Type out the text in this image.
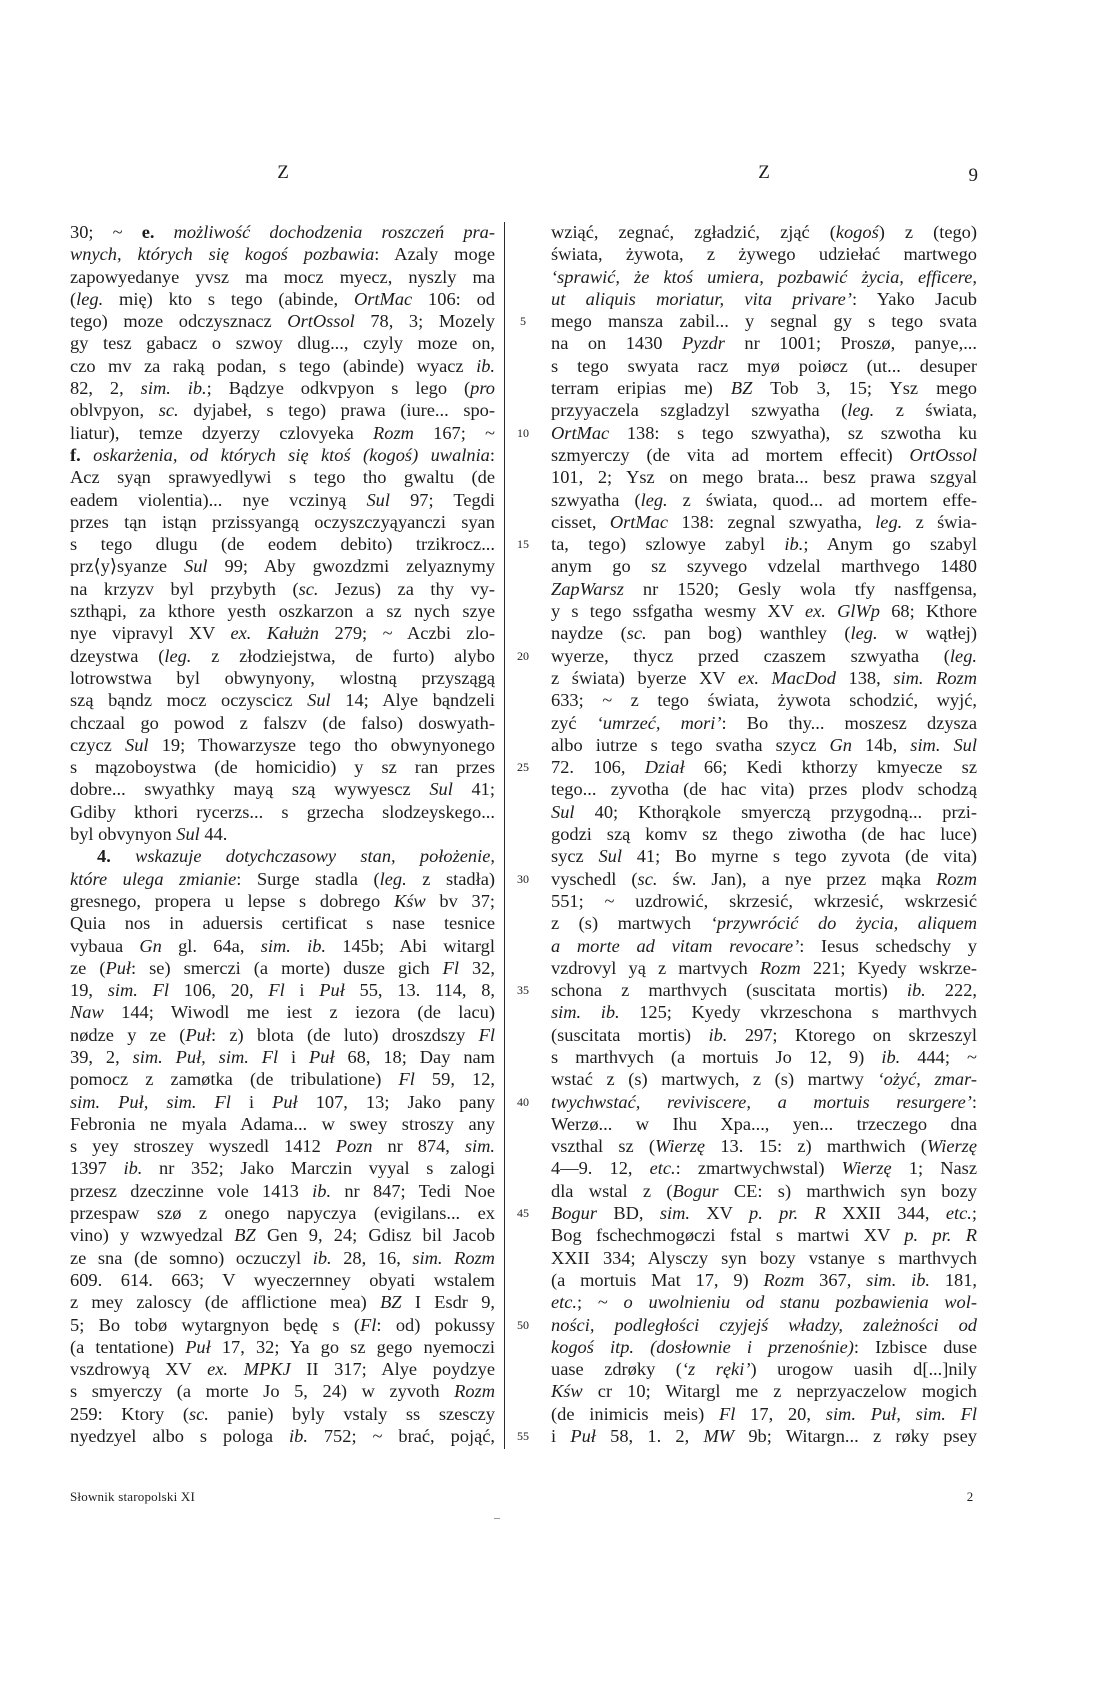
Z	Z	9
30; ~ e. możliwość dochodzenia roszczeń pra-
wnych, których się kogoś pozbawia: Azaly moge
zapowyedanye yvsz ma mocz myecz, nyszly ma
(leg. mię) kto s tego (abinde, OrtMac 106: od
tego) moze odczysznacz OrtOssol 78, 3; Mozely
gy tesz gabacz o szwoy dlug..., czyly moze on,
czo mv za raką podan, s tego (abinde) wyacz ib.
82, 2, sim. ib.; Bądzye odkvpyon s lego (pro
oblvpyon, sc. dyjabeł, s tego) prawa (iure... spo-
liatur), temze dzyerzy czlovyeka Rozm 167; ~
f. oskarżenia, od których się ktoś (kogoś) uwalnia:
Acz syąn sprawyedlywi s tego tho gwaltu (de
eadem violentia)... nye vczinyą Sul 97; Tegdi
przes tąn istąn przissyangą oczyszczyąyanczi syan
s tego dlugu (de eodem debito) trzikrocz...
prz⟨y⟩syanze Sul 99; Aby gwozdzmi zelyaznymy
na krzyzv byl przybyth (sc. Jezus) za thy vy-
szthąpi, za kthore yesth oszkarzon a sz nych szye
nye vipravyl XV ex. Kałużn 279; ~ Aczbi zlo-
dzeystwa (leg. z złodziejstwa, de furto) alybo
lotrowstwa byl obwynyony, wlostną przyszągą
szą bąndz mocz oczyscicz Sul 14; Alye bąndzeli
chczaal go powod z falszv (de falso) doswyath-
czycz Sul 19; Thowarzysze tego tho obwynyonego
s mązoboystwa (de homicidio) y sz ran przes
dobre... swyathky mayą szą wywyescz Sul 41;
Gdiby kthori rycerzs... s grzecha slodzeyskego...
byl obvynyon Sul 44.
4. wskazuje dotychczasowy stan, położenie,
które ulega zmianie: Surge stadla (leg. z stadła)
gresnego, propera u lepse s dobrego Kśw bv 37;
Quia nos in aduersis certificat s nase tesnice
vybaua Gn gl. 64a, sim. ib. 145b; Abi witargl
ze (Puł: se) smerczi (a morte) dusze gich Fl 32,
19, sim. Fl 106, 20, Fl i Puł 55, 13. 114, 8,
Naw 144; Wiwodl me iest z iezora (de lacu)
nødze y ze (Puł: z) blota (de luto) droszdszy Fl
39, 2, sim. Puł, sim. Fl i Puł 68, 18; Day nam
pomocz z zamøtka (de tribulatione) Fl 59, 12,
sim. Puł, sim. Fl i Puł 107, 13; Jako pany
Febronia ne myala Adama... w swey stroszy any
s yey stroszey wyszedl 1412 Pozn nr 874, sim.
1397 ib. nr 352; Jako Marczin vyyal s zalogi
przesz dzeczinne vole 1413 ib. nr 847; Tedi Noe
przespaw szø z onego napyczya (evigilans... ex
vino) y wzwyedzal BZ Gen 9, 24; Gdisz bil Jacob
ze sna (de somno) oczuczyl ib. 28, 16, sim. Rozm
609. 614. 663; V wyeczernney obyati wstalem
z mey zaloscy (de afflictione mea) BZ I Esdr 9,
5; Bo tobø wytargnyon będę s (Fl: od) pokussy
(a tentatione) Puł 17, 32; Ya go sz gego nyemoczi
vszdrowyą XV ex. MPKJ II 317; Alye poydzye
s smyerczy (a morte Jo 5, 24) w zyvoth Rozm
259: Ktory (sc. panie) byly vstaly ss szesczy
nyedzyel albo s pologa ib. 752; ~ brać, pojąć,
5
10
15
20
25
30
35
40
45
50
55
wziąć, zegnać, zgładzić, zjąć (kogoś) z (tego)
świata, żywota, z żywego udziełać martwego
‘sprawić, że ktoś umiera, pozbawić życia, efficere,
ut aliquis moriatur, vita privare’: Yako Jacub
mego mansza zabil... y segnal gy s tego svata
na on 1430 Pyzdr nr 1001; Proszø, panye,...
s tego swyata racz myø poiøcz (ut... desuper
terram eripias me) BZ Tob 3, 15; Ysz mego
przyyaczela szgladzyl szwyatha (leg. z świata,
OrtMac 138: s tego szwyatha), sz szwotha ku
szmyerczy (de vita ad mortem effecit) OrtOssol
101, 2; Ysz on mego brata... besz prawa szgyal
szwyatha (leg. z świata, quod... ad mortem effe-
cisset, OrtMac 138: zegnal szwyatha, leg. z świa-
ta, tego) szlowye zabyl ib.; Anym go szabyl
anym go sz szyvego vdzelal marthvego 1480
ZapWarsz nr 1520; Gesly wola tfy nasffgensa,
y s tego ssfgatha wesmy XV ex. GlWp 68; Kthore
naydze (sc. pan bog) wanthley (leg. w wątłej)
wyerze, thycz przed czaszem szwyatha (leg.
z świata) byerze XV ex. MacDod 138, sim. Rozm
633; ~ z tego świata, żywota schodzić, wyjć,
zyć ‘umrzeć, mori’: Bo thy... moszesz dzysza
albo iutrze s tego svatha szycz Gn 14b, sim. Sul
72. 106, Dział 66; Kedi kthorzy kmyecze sz
tego... zyvotha (de hac vita) przes plodv schodzą
Sul 40; Kthorąkole smyerczą przygodną... przi-
godzi szą komv sz thego ziwotha (de hac luce)
sycz Sul 41; Bo myrne s tego zyvota (de vita)
vyschedl (sc. św. Jan), a nye przez mąka Rozm
551; ~ uzdrowić, skrzesić, wkrzesić, wskrzesić
z (s) martwych ‘przywrócić do życia, aliquem
a morte ad vitam revocare’: Iesus schedschy y
vzdrovyl yą z martvych Rozm 221; Kyedy wskrze-
schona z marthvych (suscitata mortis) ib. 222,
sim. ib. 125; Kyedy vkrzeschona s marthvych
(suscitata mortis) ib. 297; Ktorego on skrzeszyl
s marthvych (a mortuis Jo 12, 9) ib. 444; ~
wstać z (s) martwych, z (s) martwy ‘ożyć, zmar-
twychwstać, reviviscere, a mortuis resurgere’:
Werzø... w Ihu Xpa..., yen... trzeczego dna
vszthal sz (Wierzę 13. 15: z) marthwich (Wierzę
4—9. 12, etc.: zmartwychwstal) Wierzę 1; Nasz
dla wstal z (Bogur CE: s) marthwich syn bozy
Bogur BD, sim. XV p. pr. R XXII 344, etc.;
Bog fschechmogøczi fstal s martwi XV p. pr. R
XXII 334; Alysczy syn bozy vstanye s marthvych
(a mortuis Mat 17, 9) Rozm 367, sim. ib. 181,
etc.; ~ o uwolnieniu od stanu pozbawienia wol-
ności, podległości czyjejś władzy, zależności od
kogoś itp. (dosłownie i przenośnie): Izbisce duse
uase zdrøky (‘z ręki’) urogow uasih d[...]nily
Kśw cr 10; Witargl me z neprzyaczelow mogich
(de inimicis meis) Fl 17, 20, sim. Puł, sim. Fl
i Puł 58, 1. 2, MW 9b; Witargn... z røky psey
Słownik staropolski XI	2
